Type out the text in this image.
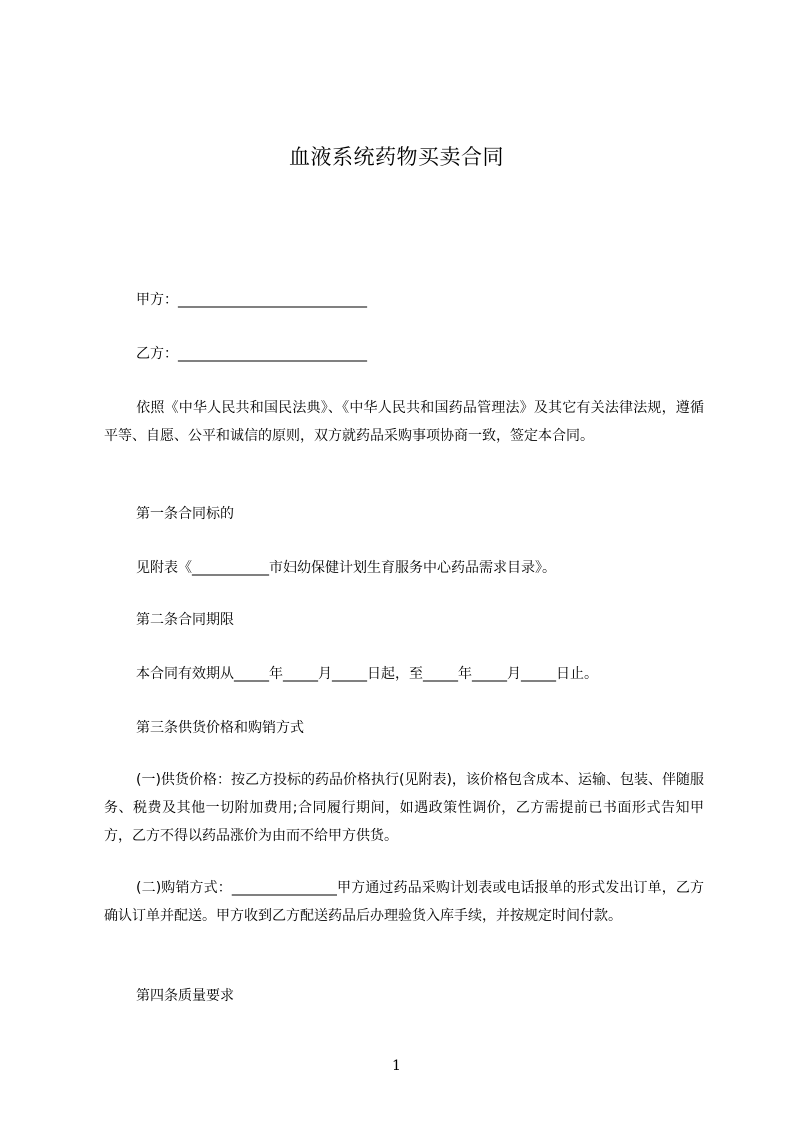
血液系统药物买卖合同
甲方：___________________________
乙方：___________________________
依照《中华人民共和国民法典》、《中华人民共和国药品管理法》及其它有关法律法规，遵循平等、自愿、公平和诚信的原则，双方就药品采购事项协商一致，签定本合同。
第一条合同标的
见附表《___________市妇幼保健计划生育服务中心药品需求目录》。
第二条合同期限
本合同有效期从_____年_____月_____日起，至_____年_____月_____日止。
第三条供货价格和购销方式
(一)供货价格：按乙方投标的药品价格执行(见附表)，该价格包含成本、运输、包装、伴随服务、税费及其他一切附加费用;合同履行期间，如遇政策性调价，乙方需提前已书面形式告知甲方，乙方不得以药品涨价为由而不给甲方供货。
(二)购销方式：_______________甲方通过药品采购计划表或电话报单的形式发出订单，乙方确认订单并配送。甲方收到乙方配送药品后办理验货入库手续，并按规定时间付款。
第四条质量要求
1
